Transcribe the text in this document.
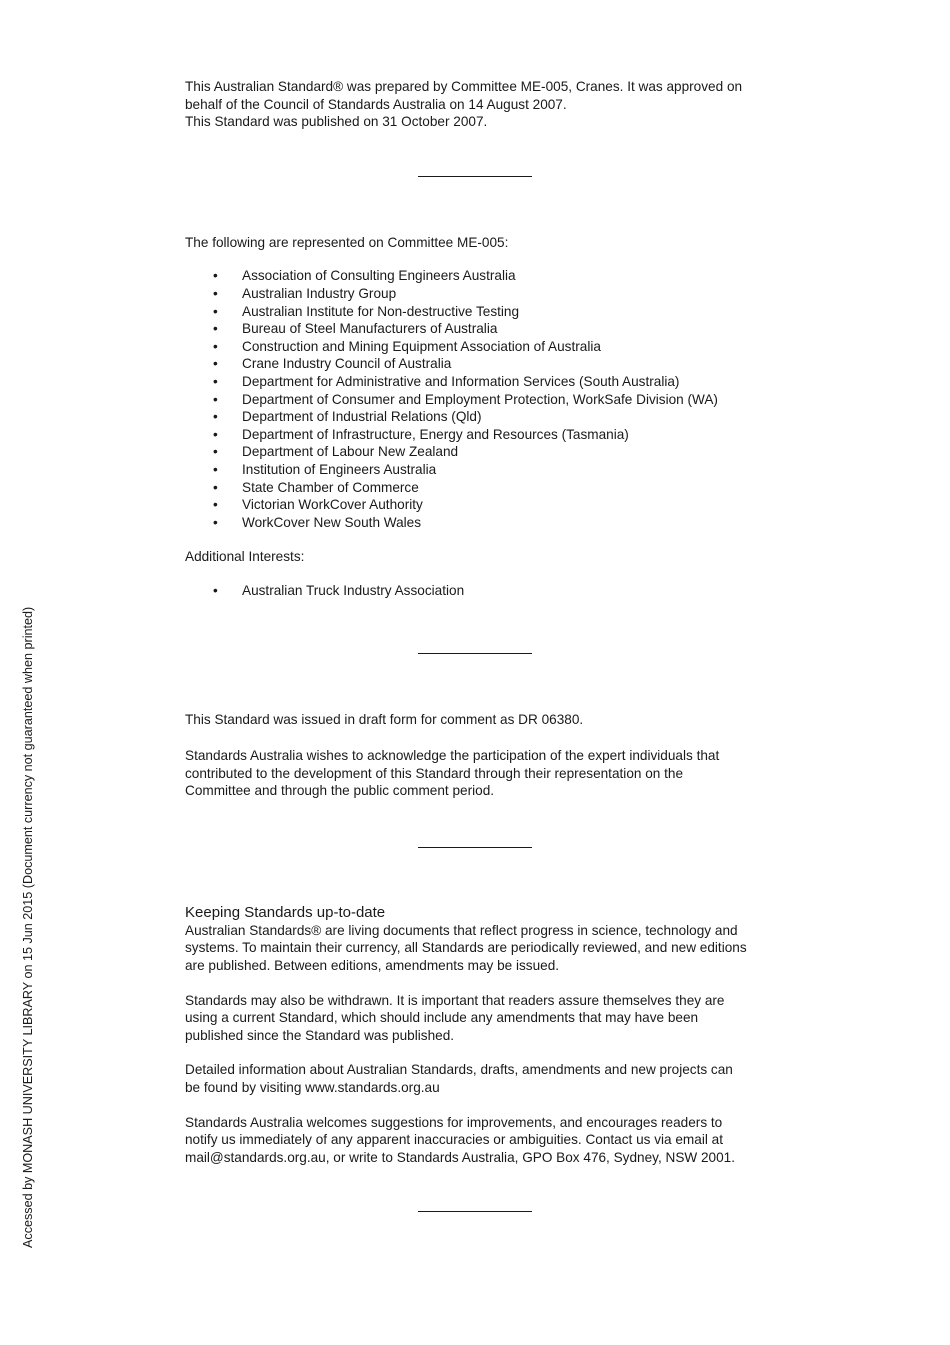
This Australian Standard® was prepared by Committee ME-005, Cranes. It was approved on

behalf of the Council of Standards Australia on 14 August 2007.

This Standard was published on 31 October 2007.

The following are represented on Committee ME-005:

• Association of Consulting Engineers Australia
• Australian Industry Group
• Australian Institute for Non-destructive Testing
• Bureau of Steel Manufacturers of Australia
• Construction and Mining Equipment Association of Australia
• Crane Industry Council of Australia
• Department for Administrative and Information Services (South Australia)
• Department of Consumer and Employment Protection, WorkSafe Division (WA)
• Department of Industrial Relations (Qld)
• Department of Infrastructure, Energy and Resources (Tasmania)
• Department of Labour New Zealand
• Institution of Engineers Australia
• State Chamber of Commerce
• Victorian WorkCover Authority
• WorkCover New South Wales

Additional Interests:

• Australian Truck Industry Association

This Standard was issued in draft form for comment as DR 06380.

Standards Australia wishes to acknowledge the participation of the expert individuals that

contributed to the development of this Standard through their representation on the

Committee and through the public comment period.

Keeping Standards up-to-date

Australian Standards® are living documents that reflect progress in science, technology and

systems. To maintain their currency, all Standards are periodically reviewed, and new editions

are published. Between editions, amendments may be issued.

Standards may also be withdrawn. It is important that readers assure themselves they are

using a current Standard, which should include any amendments that may have been

published since the Standard was published.

Detailed information about Australian Standards, drafts, amendments and new projects can

be found by visiting www.standards.org.au

Standards Australia welcomes suggestions for improvements, and encourages readers to

notify us immediately of any apparent inaccuracies or ambiguities. Contact us via email at

mail@standards.org.au, or write to Standards Australia, GPO Box 476, Sydney, NSW 2001.

Accessed by MONASH UNIVERSITY LIBRARY on 15 Jun 2015 (Document currency not guaranteed when printed)
